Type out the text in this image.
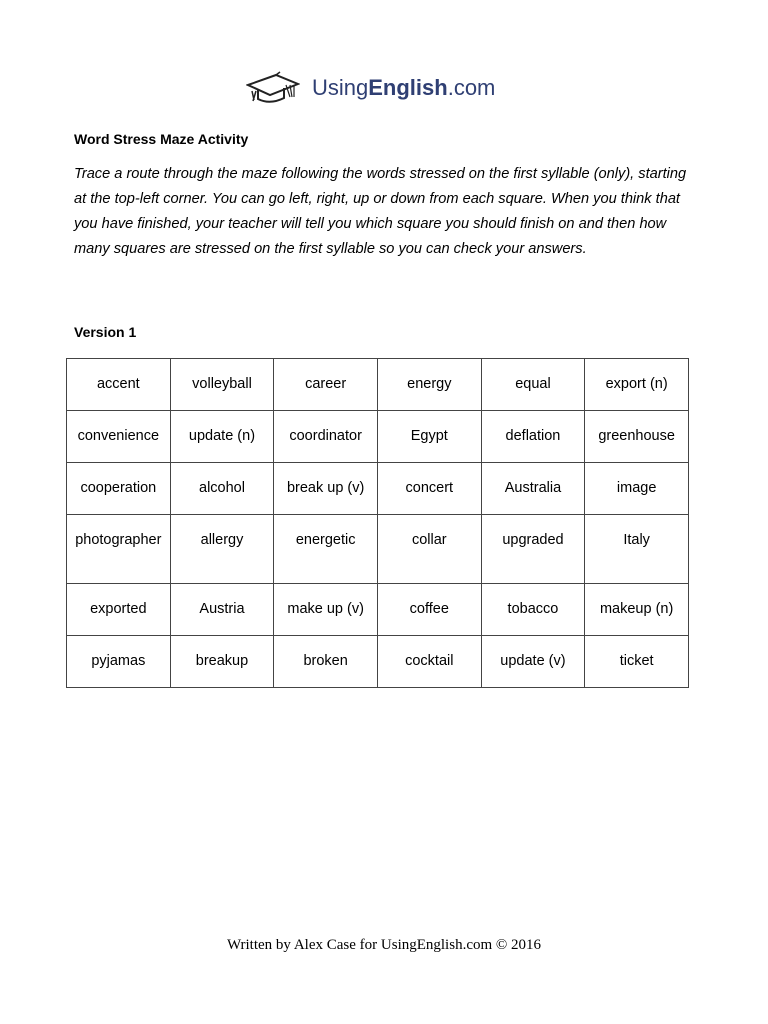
UsingEnglish.com
Word Stress Maze Activity
Trace a route through the maze following the words stressed on the first syllable (only), starting at the top-left corner. You can go left, right, up or down from each square. When you think that you have finished, your teacher will tell you which square you should finish on and then how many squares are stressed on the first syllable so you can check your answers.
Version 1
accent	volleyball	career	energy	equal	export (n)
convenience	update (n)	coordinator	Egypt	deflation	greenhouse
cooperation	alcohol	break up (v)	concert	Australia	image
photographer	allergy	energetic	collar	upgraded	Italy
exported	Austria	make up (v)	coffee	tobacco	makeup (n)
pyjamas	breakup	broken	cocktail	update (v)	ticket
Written by Alex Case for UsingEnglish.com © 2016
